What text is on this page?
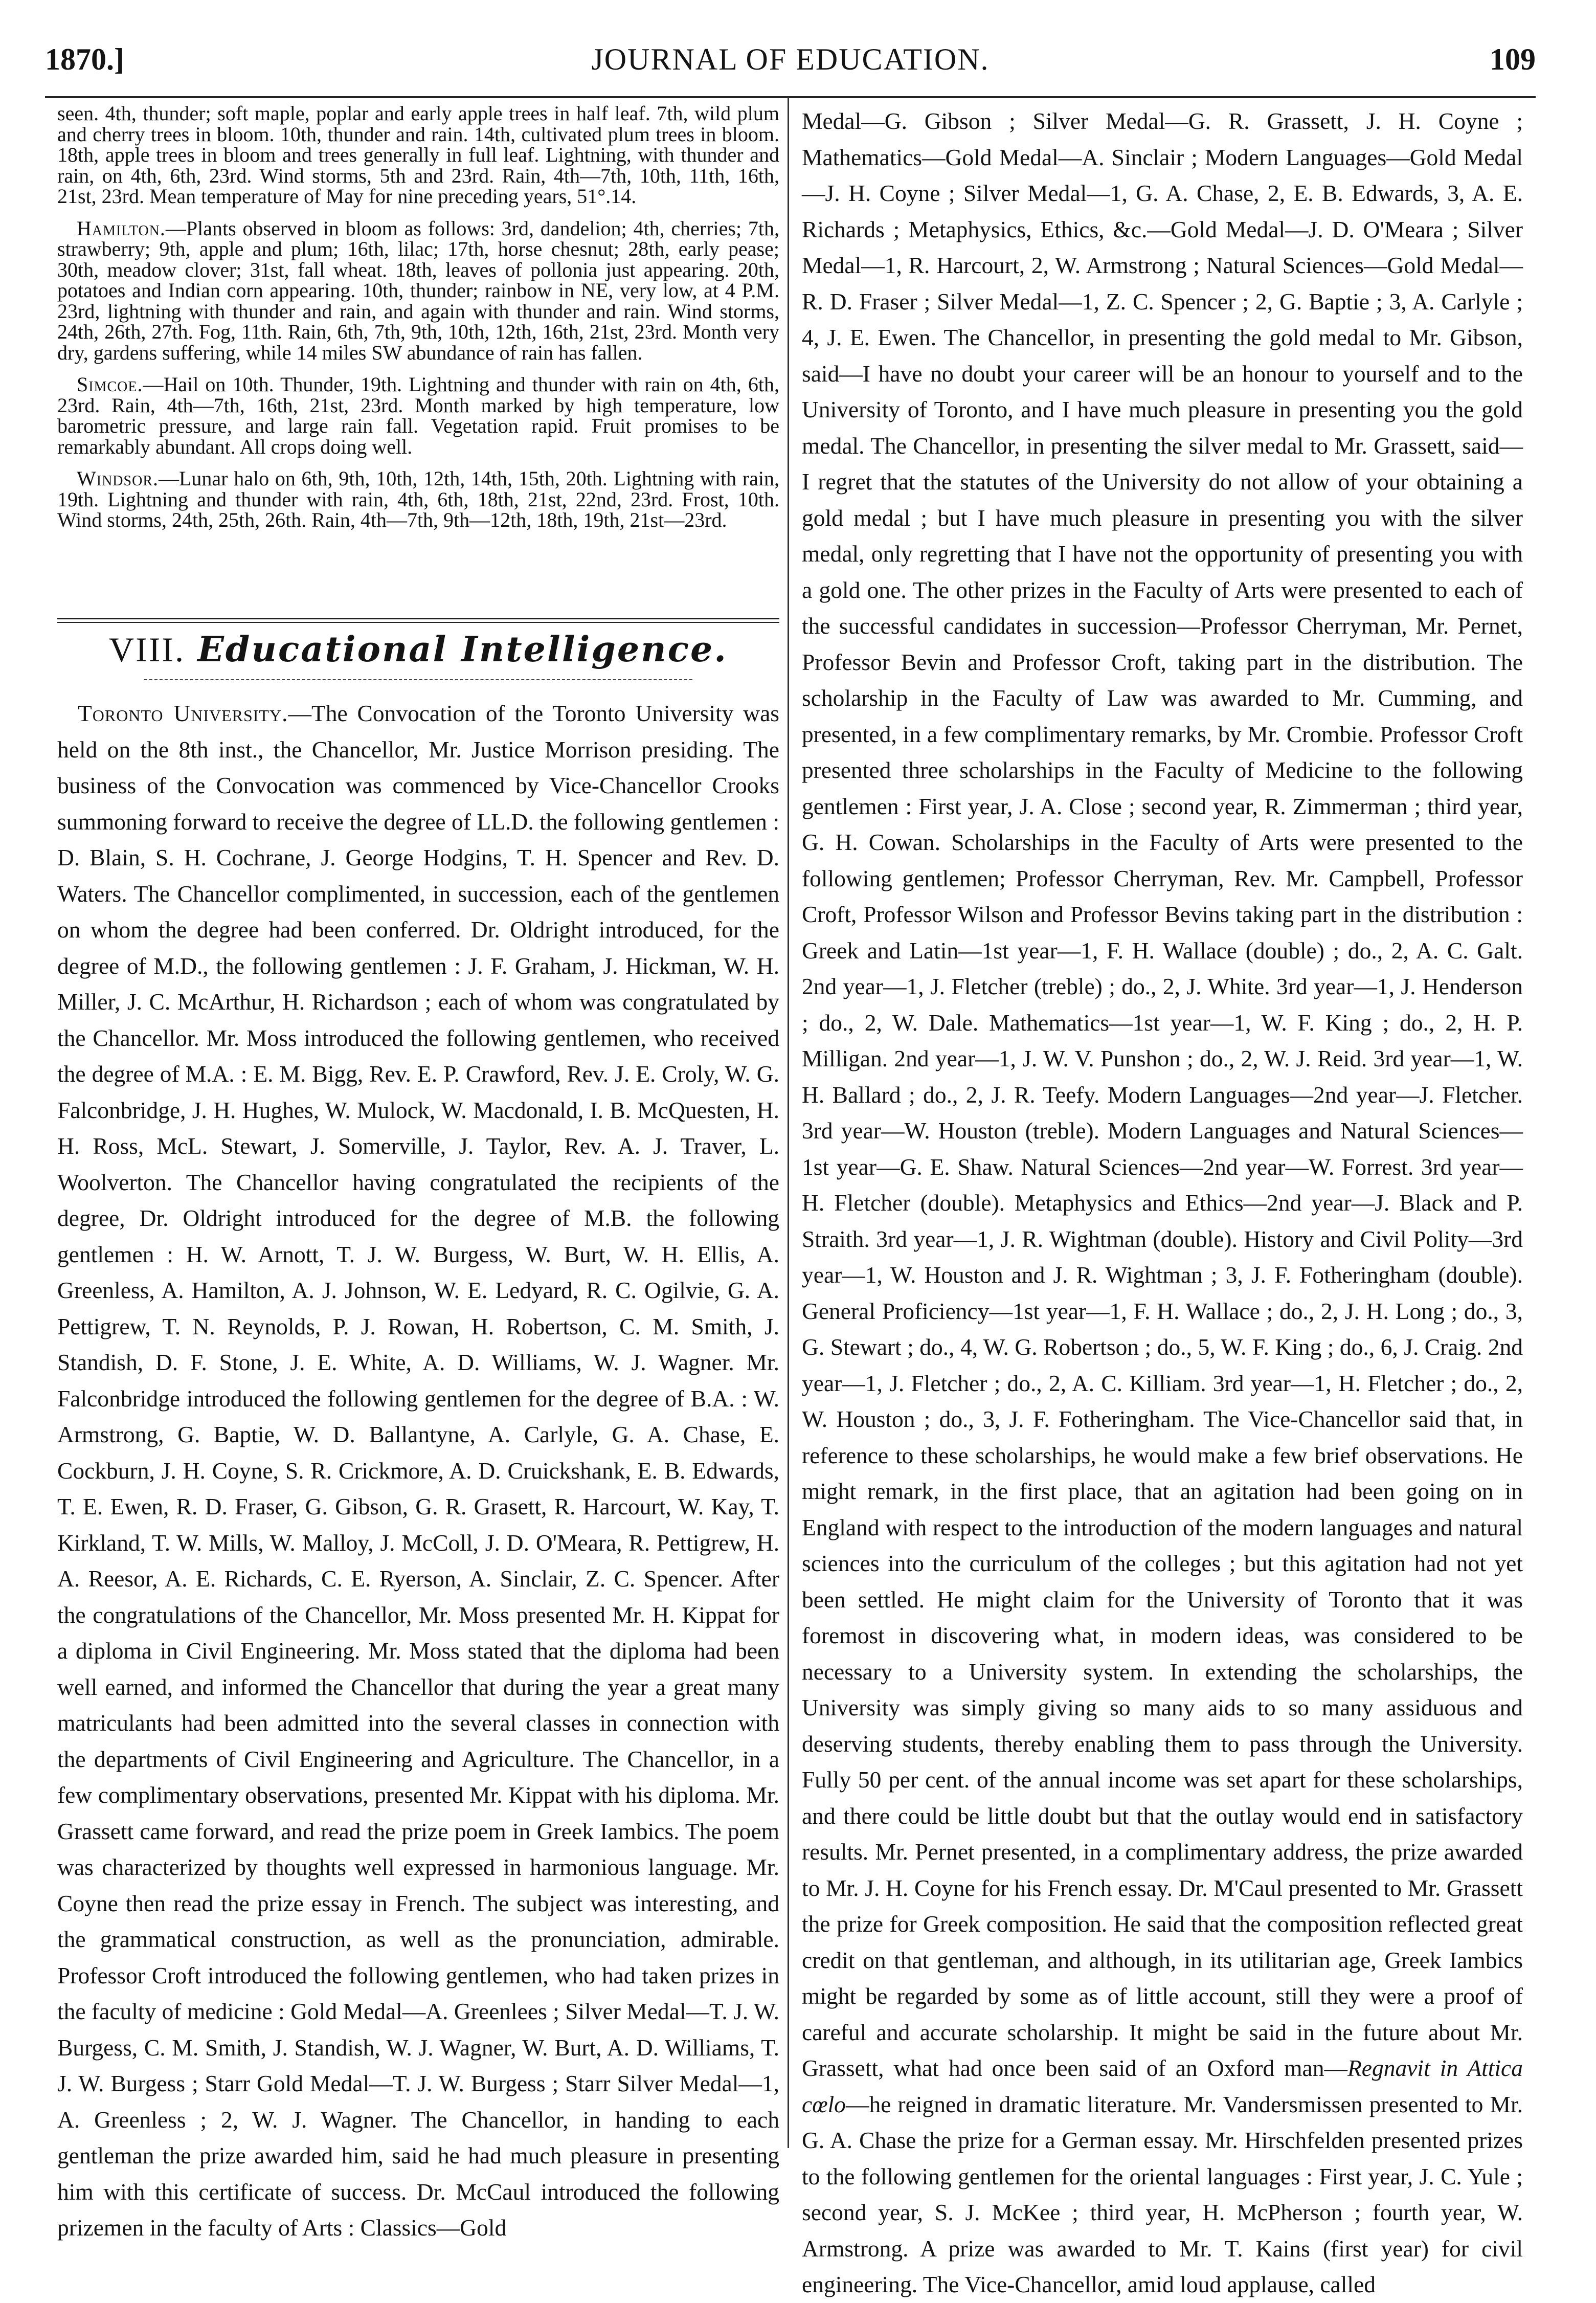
1870.]	JOURNAL OF EDUCATION.	109

seen. 4th, thunder; soft maple, poplar and early apple trees in half leaf. 7th, wild plum and cherry trees in bloom. 10th, thunder and rain. 14th, cultivated plum trees in bloom. 18th, apple trees in bloom and trees generally in full leaf. Lightning, with thunder and rain, on 4th, 6th, 23rd. Wind storms, 5th and 23rd. Rain, 4th—7th, 10th, 11th, 16th, 21st, 23rd. Mean temperature of May for nine preceding years, 51°.14.

Hamilton.—Plants observed in bloom as follows: 3rd, dandelion; 4th, cherries; 7th, strawberry; 9th, apple and plum; 16th, lilac; 17th, horse chesnut; 28th, early pease; 30th, meadow clover; 31st, fall wheat. 18th, leaves of pollonia just appearing. 20th, potatoes and Indian corn appearing. 10th, thunder; rainbow in NE, very low, at 4 P.M. 23rd, lightning with thunder and rain, and again with thunder and rain. Wind storms, 24th, 26th, 27th. Fog, 11th. Rain, 6th, 7th, 9th, 10th, 12th, 16th, 21st, 23rd. Month very dry, gardens suffering, while 14 miles SW abundance of rain has fallen.

Simcoe.—Hail on 10th. Thunder, 19th. Lightning and thunder with rain on 4th, 6th, 23rd. Rain, 4th—7th, 16th, 21st, 23rd. Month marked by high temperature, low barometric pressure, and large rain fall. Vegetation rapid. Fruit promises to be remarkably abundant. All crops doing well.

Windsor.—Lunar halo on 6th, 9th, 10th, 12th, 14th, 15th, 20th. Lightning with rain, 19th. Lightning and thunder with rain, 4th, 6th, 18th, 21st, 22nd, 23rd. Frost, 10th. Wind storms, 24th, 25th, 26th. Rain, 4th—7th, 9th—12th, 18th, 19th, 21st—23rd.

VIII. Educational Intelligence.

Toronto University.—The Convocation of the Toronto University was held on the 8th inst., the Chancellor, Mr. Justice Morrison presiding. The business of the Convocation was commenced by Vice-Chancellor Crooks summoning forward to receive the degree of LL.D. the following gentlemen : D. Blain, S. H. Cochrane, J. George Hodgins, T. H. Spencer and Rev. D. Waters. The Chancellor complimented, in succession, each of the gentlemen on whom the degree had been conferred. Dr. Oldright introduced, for the degree of M.D., the following gentlemen : J. F. Graham, J. Hickman, W. H. Miller, J. C. McArthur, H. Richardson ; each of whom was congratulated by the Chancellor. Mr. Moss introduced the following gentlemen, who received the degree of M.A. : E. M. Bigg, Rev. E. P. Crawford, Rev. J. E. Croly, W. G. Falconbridge, J. H. Hughes, W. Mulock, W. Macdonald, I. B. McQuesten, H. H. Ross, McL. Stewart, J. Somerville, J. Taylor, Rev. A. J. Traver, L. Woolverton. The Chancellor having congratulated the recipients of the degree, Dr. Oldright introduced for the degree of M.B. the following gentlemen : H. W. Arnott, T. J. W. Burgess, W. Burt, W. H. Ellis, A. Greenless, A. Hamilton, A. J. Johnson, W. E. Ledyard, R. C. Ogilvie, G. A. Pettigrew, T. N. Reynolds, P. J. Rowan, H. Robertson, C. M. Smith, J. Standish, D. F. Stone, J. E. White, A. D. Williams, W. J. Wagner. Mr. Falconbridge introduced the following gentlemen for the degree of B.A. : W. Armstrong, G. Baptie, W. D. Ballantyne, A. Carlyle, G. A. Chase, E. Cockburn, J. H. Coyne, S. R. Crickmore, A. D. Cruickshank, E. B. Edwards, T. E. Ewen, R. D. Fraser, G. Gibson, G. R. Grasett, R. Harcourt, W. Kay, T. Kirkland, T. W. Mills, W. Malloy, J. McColl, J. D. O'Meara, R. Pettigrew, H. A. Reesor, A. E. Richards, C. E. Ryerson, A. Sinclair, Z. C. Spencer. After the congratulations of the Chancellor, Mr. Moss presented Mr. H. Kippat for a diploma in Civil Engineering. Mr. Moss stated that the diploma had been well earned, and informed the Chancellor that during the year a great many matriculants had been admitted into the several classes in connection with the departments of Civil Engineering and Agriculture. The Chancellor, in a few complimentary observations, presented Mr. Kippat with his diploma. Mr. Grassett came forward, and read the prize poem in Greek Iambics. The poem was characterized by thoughts well expressed in harmonious language. Mr. Coyne then read the prize essay in French. The subject was interesting, and the grammatical construction, as well as the pronunciation, admirable. Professor Croft introduced the following gentlemen, who had taken prizes in the faculty of medicine : Gold Medal—A. Greenlees ; Silver Medal—T. J. W. Burgess, C. M. Smith, J. Standish, W. J. Wagner, W. Burt, A. D. Williams, T. J. W. Burgess ; Starr Gold Medal—T. J. W. Burgess ; Starr Silver Medal—1, A. Greenless ; 2, W. J. Wagner. The Chancellor, in handing to each gentleman the prize awarded him, said he had much pleasure in presenting him with this certificate of success. Dr. McCaul introduced the following prizemen in the faculty of Arts : Classics—Gold

Medal—G. Gibson ; Silver Medal—G. R. Grassett, J. H. Coyne ; Mathematics—Gold Medal—A. Sinclair ; Modern Languages—Gold Medal—J. H. Coyne ; Silver Medal—1, G. A. Chase, 2, E. B. Edwards, 3, A. E. Richards ; Metaphysics, Ethics, &c.—Gold Medal—J. D. O'Meara ; Silver Medal—1, R. Harcourt, 2, W. Armstrong ; Natural Sciences—Gold Medal—R. D. Fraser ; Silver Medal—1, Z. C. Spencer ; 2, G. Baptie ; 3, A. Carlyle ; 4, J. E. Ewen. The Chancellor, in presenting the gold medal to Mr. Gibson, said—I have no doubt your career will be an honour to yourself and to the University of Toronto, and I have much pleasure in presenting you the gold medal. The Chancellor, in presenting the silver medal to Mr. Grassett, said—I regret that the statutes of the University do not allow of your obtaining a gold medal ; but I have much pleasure in presenting you with the silver medal, only regretting that I have not the opportunity of presenting you with a gold one. The other prizes in the Faculty of Arts were presented to each of the successful candidates in succession—Professor Cherryman, Mr. Pernet, Professor Bevin and Professor Croft, taking part in the distribution. The scholarship in the Faculty of Law was awarded to Mr. Cumming, and presented, in a few complimentary remarks, by Mr. Crombie. Professor Croft presented three scholarships in the Faculty of Medicine to the following gentlemen : First year, J. A. Close ; second year, R. Zimmerman ; third year, G. H. Cowan. Scholarships in the Faculty of Arts were presented to the following gentlemen; Professor Cherryman, Rev. Mr. Campbell, Professor Croft, Professor Wilson and Professor Bevins taking part in the distribution : Greek and Latin—1st year—1, F. H. Wallace (double) ; do., 2, A. C. Galt. 2nd year—1, J. Fletcher (treble) ; do., 2, J. White. 3rd year—1, J. Henderson ; do., 2, W. Dale. Mathematics—1st year—1, W. F. King ; do., 2, H. P. Milligan. 2nd year—1, J. W. V. Punshon ; do., 2, W. J. Reid. 3rd year—1, W. H. Ballard ; do., 2, J. R. Teefy. Modern Languages—2nd year—J. Fletcher. 3rd year—W. Houston (treble). Modern Languages and Natural Sciences—1st year—G. E. Shaw. Natural Sciences—2nd year—W. Forrest. 3rd year—H. Fletcher (double). Metaphysics and Ethics—2nd year—J. Black and P. Straith. 3rd year—1, J. R. Wightman (double). History and Civil Polity—3rd year—1, W. Houston and J. R. Wightman ; 3, J. F. Fotheringham (double). General Proficiency—1st year—1, F. H. Wallace ; do., 2, J. H. Long ; do., 3, G. Stewart ; do., 4, W. G. Robertson ; do., 5, W. F. King ; do., 6, J. Craig. 2nd year—1, J. Fletcher ; do., 2, A. C. Killiam. 3rd year—1, H. Fletcher ; do., 2, W. Houston ; do., 3, J. F. Fotheringham. The Vice-Chancellor said that, in reference to these scholarships, he would make a few brief observations. He might remark, in the first place, that an agitation had been going on in England with respect to the introduction of the modern languages and natural sciences into the curriculum of the colleges ; but this agitation had not yet been settled. He might claim for the University of Toronto that it was foremost in discovering what, in modern ideas, was considered to be necessary to a University system. In extending the scholarships, the University was simply giving so many aids to so many assiduous and deserving students, thereby enabling them to pass through the University. Fully 50 per cent. of the annual income was set apart for these scholarships, and there could be little doubt but that the outlay would end in satisfactory results. Mr. Pernet presented, in a complimentary address, the prize awarded to Mr. J. H. Coyne for his French essay. Dr. M'Caul presented to Mr. Grassett the prize for Greek composition. He said that the composition reflected great credit on that gentleman, and although, in its utilitarian age, Greek Iambics might be regarded by some as of little account, still they were a proof of careful and accurate scholarship. It might be said in the future about Mr. Grassett, what had once been said of an Oxford man—Regnavit in Attica cœlo—he reigned in dramatic literature. Mr. Vandersmissen presented to Mr. G. A. Chase the prize for a German essay. Mr. Hirschfelden presented prizes to the following gentlemen for the oriental languages : First year, J. C. Yule ; second year, S. J. McKee ; third year, H. McPherson ; fourth year, W. Armstrong. A prize was awarded to Mr. T. Kains (first year) for civil engineering. The Vice-Chancellor, amid loud applause, called
